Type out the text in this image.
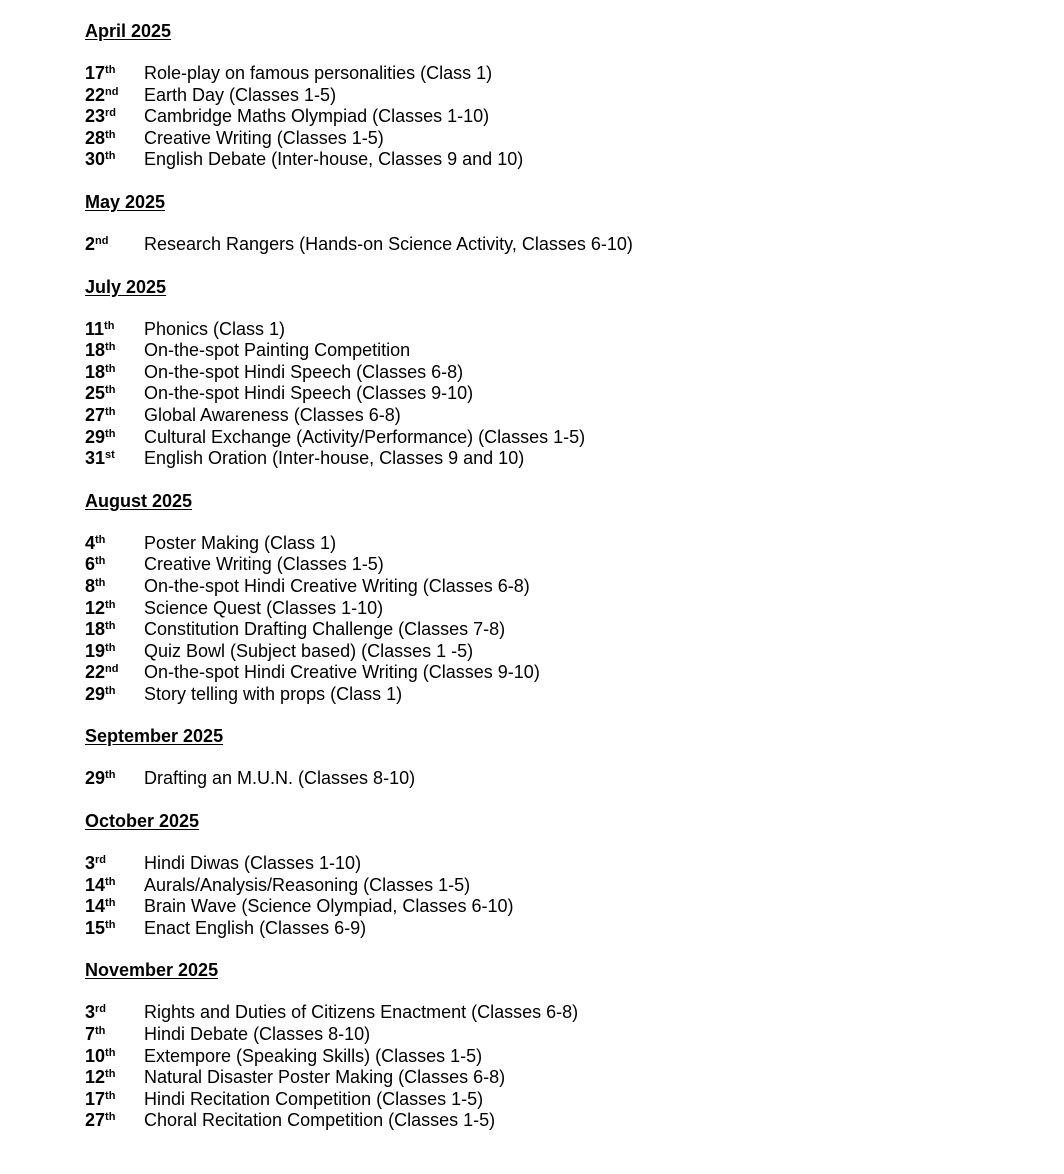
April 2025
17th	Role-play on famous personalities (Class 1)
22nd	Earth Day (Classes 1-5)
23rd	Cambridge Maths Olympiad (Classes 1-10)
28th	Creative Writing (Classes 1-5)
30th	English Debate (Inter-house, Classes 9 and 10)
May 2025
2nd	Research Rangers (Hands-on Science Activity, Classes 6-10)
July 2025
11th	Phonics (Class 1)
18th	On-the-spot Painting Competition
18th	On-the-spot Hindi Speech (Classes 6-8)
25th	On-the-spot Hindi Speech (Classes 9-10)
27th	Global Awareness (Classes 6-8)
29th	Cultural Exchange (Activity/Performance) (Classes 1-5)
31st	English Oration (Inter-house, Classes 9 and 10)
August 2025
4th	Poster Making (Class 1)
6th	Creative Writing (Classes 1-5)
8th	On-the-spot Hindi Creative Writing (Classes 6-8)
12th	Science Quest (Classes 1-10)
18th	Constitution Drafting Challenge (Classes 7-8)
19th	Quiz Bowl (Subject based) (Classes 1 -5)
22nd	On-the-spot Hindi Creative Writing (Classes 9-10)
29th	Story telling with props (Class 1)
September 2025
29th	Drafting an M.U.N. (Classes 8-10)
October 2025
3rd	Hindi Diwas (Classes 1-10)
14th	Aurals/Analysis/Reasoning (Classes 1-5)
14th	Brain Wave (Science Olympiad, Classes 6-10)
15th	Enact English (Classes 6-9)
November 2025
3rd	Rights and Duties of Citizens Enactment (Classes 6-8)
7th	Hindi Debate (Classes 8-10)
10th	Extempore (Speaking Skills) (Classes 1-5)
12th	Natural Disaster Poster Making (Classes 6-8)
17th	Hindi Recitation Competition (Classes 1-5)
27th	Choral Recitation Competition (Classes 1-5)
